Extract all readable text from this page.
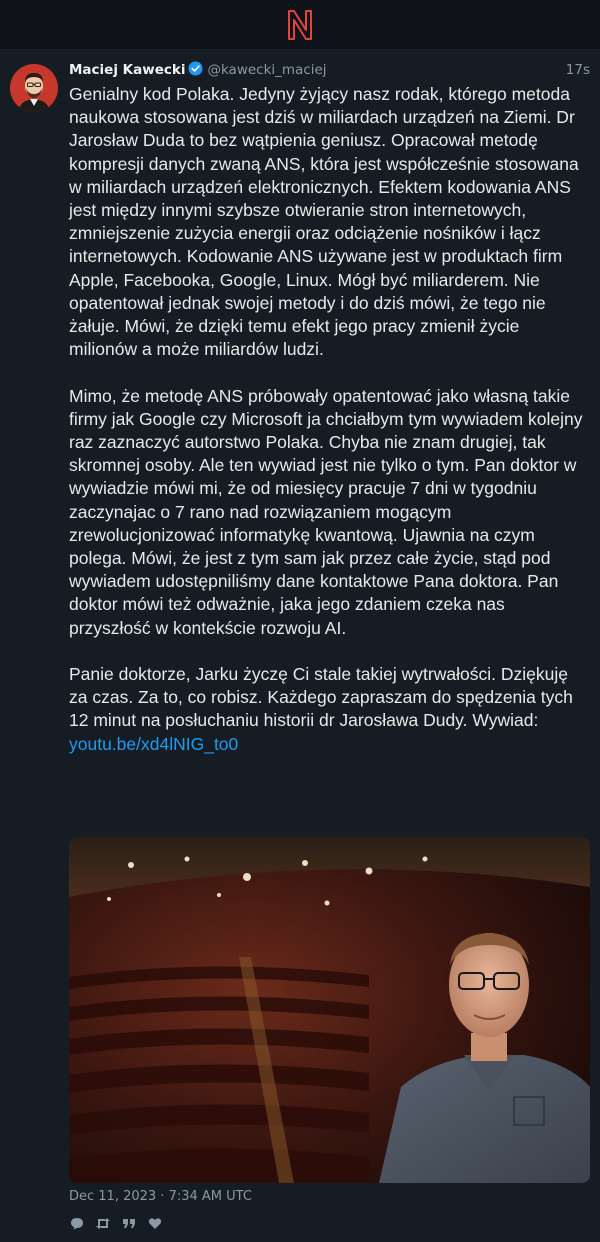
Maciej Kawecki @kawecki_maciej	17s

Genialny kod Polaka. Jedyny żyjący nasz rodak, którego metoda naukowa stosowana jest dziś w miliardach urządzeń na Ziemi. Dr Jarosław Duda to bez wątpienia geniusz. Opracował metodę kompresji danych zwaną ANS, która jest współcześnie stosowana w miliardach urządzeń elektronicznych. Efektem kodowania ANS jest między innymi szybsze otwieranie stron internetowych, zmniejszenie zużycia energii oraz odciążenie nośników i łącz internetowych. Kodowanie ANS używane jest w produktach firm Apple, Facebooka, Google, Linux. Mógł być miliarderem. Nie opatentował jednak swojej metody i do dziś mówi, że tego nie żałuje. Mówi, że dzięki temu efekt jego pracy zmienił życie milionów a może miliardów ludzi.

Mimo, że metodę ANS próbowały opatentować jako własną takie firmy jak Google czy Microsoft ja chciałbym tym wywiadem kolejny raz zaznaczyć autorstwo Polaka. Chyba nie znam drugiej, tak skromnej osoby. Ale ten wywiad jest nie tylko o tym. Pan doktor w wywiadzie mówi mi, że od miesięcy pracuje 7 dni w tygodniu zaczynajac o 7 rano nad rozwiązaniem mogącym zrewolucjonizować informatykę kwantową. Ujawnia na czym polega. Mówi, że jest z tym sam jak przez całe życie, stąd pod wywiadem udostępniliśmy dane kontaktowe Pana doktora. Pan doktor mówi też odważnie, jaka jego zdaniem czeka nas przyszłość w kontekście rozwoju AI.

Panie doktorze, Jarku życzę Ci stale takiej wytrwałości. Dziękuję za czas. Za to, co robisz. Każdego zapraszam do spędzenia tych 12 minut na posłuchaniu historii dr Jarosława Dudy. Wywiad:
youtu.be/xd4lNIG_to0

Dec 11, 2023 · 7:34 AM UTC
